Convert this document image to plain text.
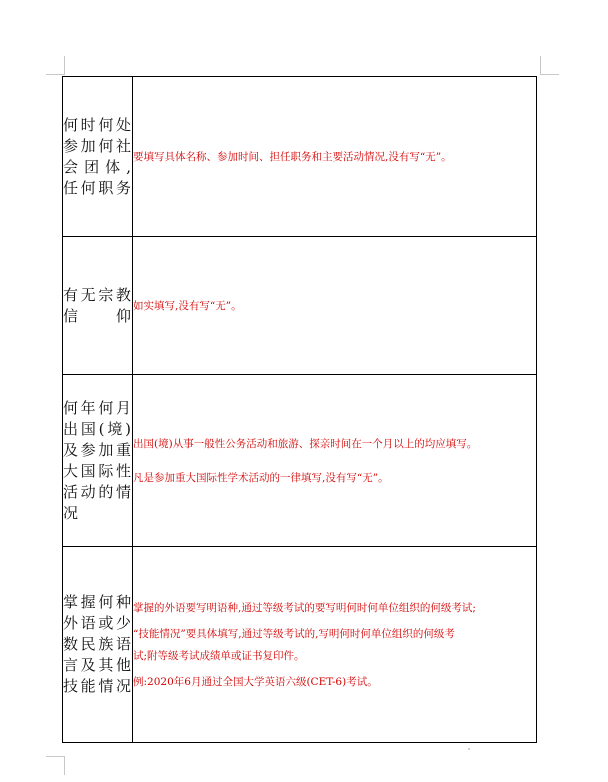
何时何处参加何社会团体,任何职务	要填写具体名称、参加时间、担任职务和主要活动情况,没有写“无”。

有无宗教信仰	如实填写,没有写“无”。

何年何月出国(境)及参加重大国际性活动的情况	出国(境)从事一般性公务活动和旅游、探亲时间在一个月以上的均应填写。

凡是参加重大国际性学术活动的一律填写,没有写“无”。

掌握何种外语或少数民族语言及其他技能情况	掌握的外语要写明语种,通过等级考试的要写明何时何单位组织的何级考试;

“技能情况”要具体填写,通过等级考试的,写明何时何单位组织的何级考

试;附等级考试成绩单或证书复印件。

例:2020年6月通过全国大学英语六级(CET-6)考试。
